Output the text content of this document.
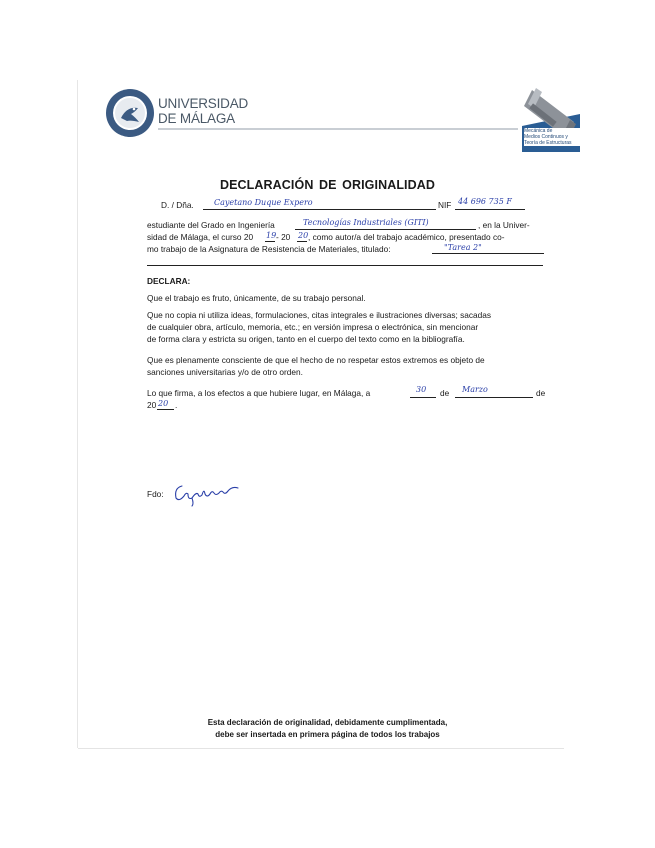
UNIVERSIDAD
DE MÁLAGA
Mecánica de
Medios Continuos y
Teoría de Estructuras
DECLARACIÓN DE ORIGINALIDAD
D. / Dña.	Cayetano Duque Expero	NIF 44 696 735 F
estudiante del Grado en Ingeniería	Tecnologías Industriales (GITI)	, en la Univer-
sidad de Málaga, el curso 20 19 - 20 20 , como autor/a del trabajo académico, presentado co-
mo trabajo de la Asignatura de Resistencia de Materiales, titulado:	"Tarea 2"
DECLARA:
Que el trabajo es fruto, únicamente, de su trabajo personal.
Que no copia ni utiliza ideas, formulaciones, citas integrales e ilustraciones diversas; sacadas
de cualquier obra, artículo, memoria, etc.; en versión impresa o electrónica, sin mencionar
de forma clara y estricta su origen, tanto en el cuerpo del texto como en la bibliografía.
Que es plenamente consciente de que el hecho de no respetar estos extremos es objeto de
sanciones universitarias y/o de otro orden.
Lo que firma, a los efectos a que hubiere lugar, en Málaga, a	30 de Marzo	de
20 20 .
Fdo:
Esta declaración de originalidad, debidamente cumplimentada,
debe ser insertada en primera página de todos los trabajos
